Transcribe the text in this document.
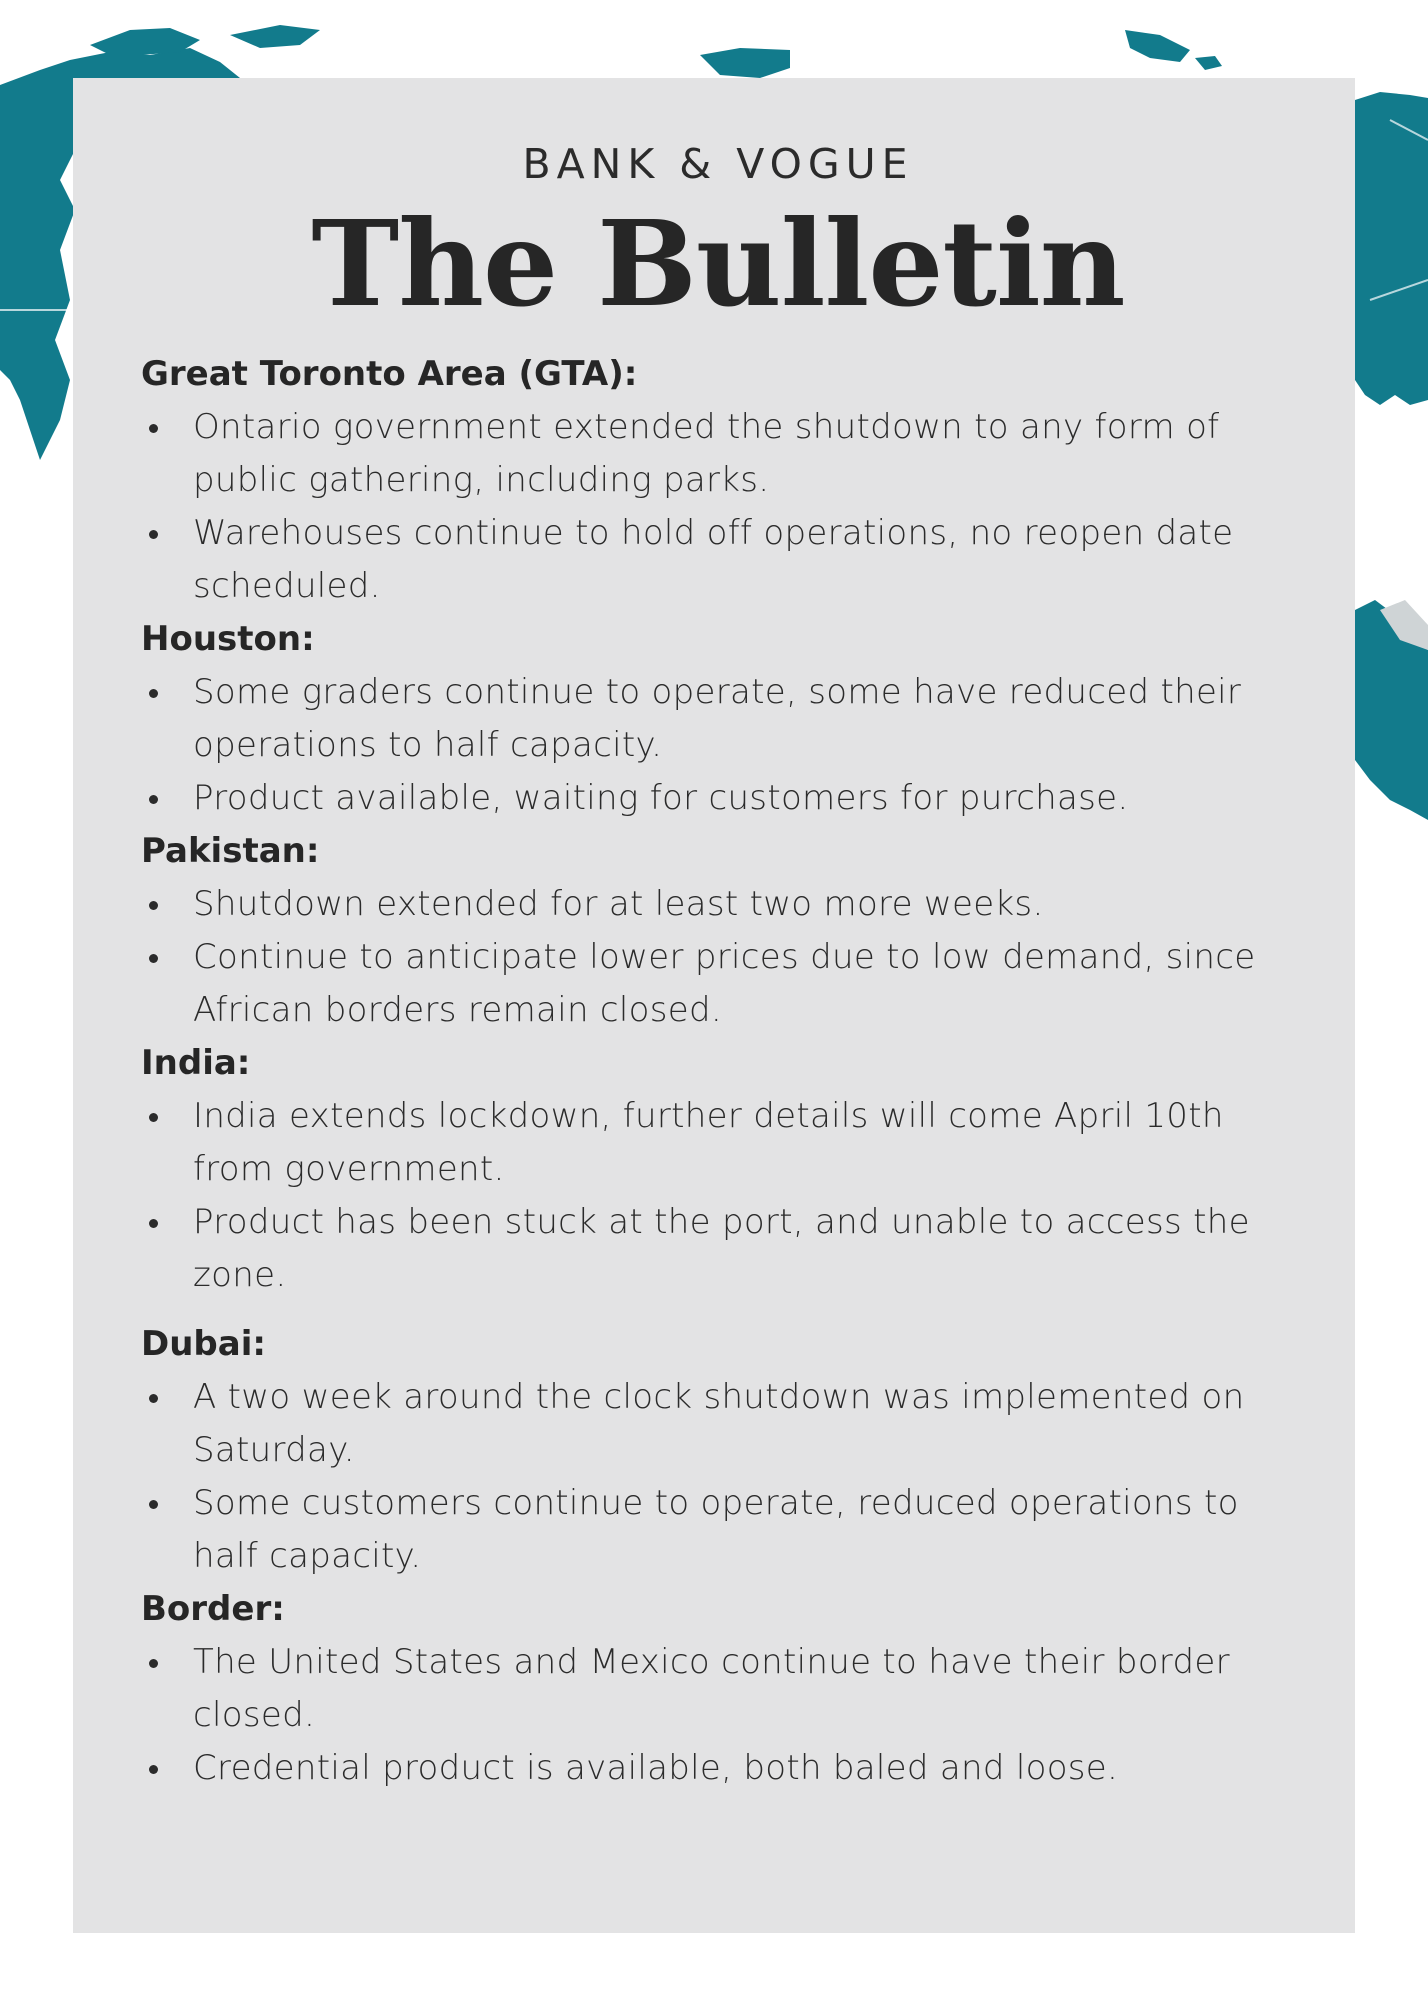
BANK & VOGUE
The Bulletin
Great Toronto Area (GTA):
Ontario government extended the shutdown to any form of public gathering, including parks.
Warehouses continue to hold off operations, no reopen date scheduled.
Houston:
Some graders continue to operate, some have reduced their operations to half capacity.
Product available, waiting for customers for purchase.
Pakistan:
Shutdown extended for at least two more weeks.
Continue to anticipate lower prices due to low demand, since African borders remain closed.
India:
India extends lockdown, further details will come April 10th from government.
Product has been stuck at the port, and unable to access the zone.
Dubai:
A two week around the clock shutdown was implemented on Saturday.
Some customers continue to operate, reduced operations to half capacity.
Border:
The United States and Mexico continue to have their border closed.
Credential product is available, both baled and loose.
